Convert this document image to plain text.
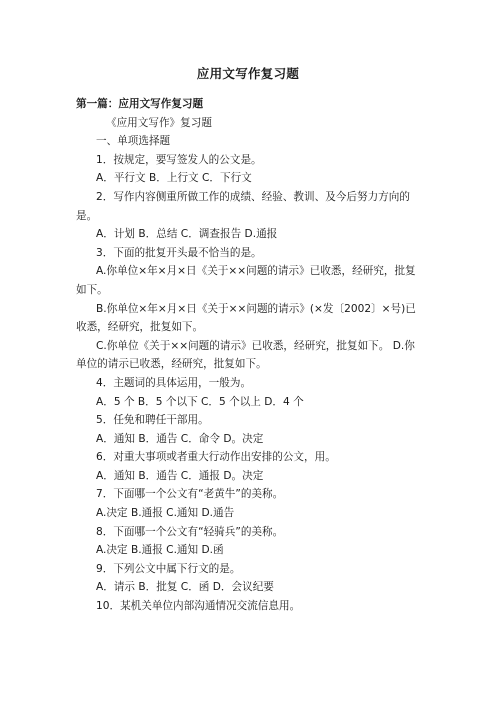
应用文写作复习题

第一篇：应用文写作复习题

《应用文写作》复习题

一、单项选择题

1．按规定，要写签发人的公文是。

A．平行文 B．上行文 C．下行文

2．写作内容侧重所做工作的成绩、经验、教训、及今后努力方向的是。

A．计划 B．总结 C．调查报告 D.通报

3．下面的批复开头最不恰当的是。

A.你单位×年×月×日《关于××问题的请示》已收悉，经研究，批复如下。

B.你单位×年×月×日《关于××问题的请示》(×发〔2002〕×号)已收悉，经研究，批复如下。

C.你单位《关于××问题的请示》已收悉，经研究，批复如下。 D.你单位的请示已收悉，经研究，批复如下。

4．主题词的具体运用，一般为。

A．5 个 B．5 个以下 C．5 个以上 D．4 个

5．任免和聘任干部用。

A．通知 B．通告 C．命令 D。决定

6．对重大事项或者重大行动作出安排的公文，用。

A．通知 B．通告 C．通报 D。决定

7．下面哪一个公文有“老黄牛”的美称。

A.决定 B.通报 C.通知 D.通告

8．下面哪一个公文有“轻骑兵”的美称。

A.决定 B.通报 C.通知 D.函

9．下列公文中属下行文的是。

A．请示 B．批复 C．函 D．会议纪要

10．某机关单位内部沟通情况交流信息用。
